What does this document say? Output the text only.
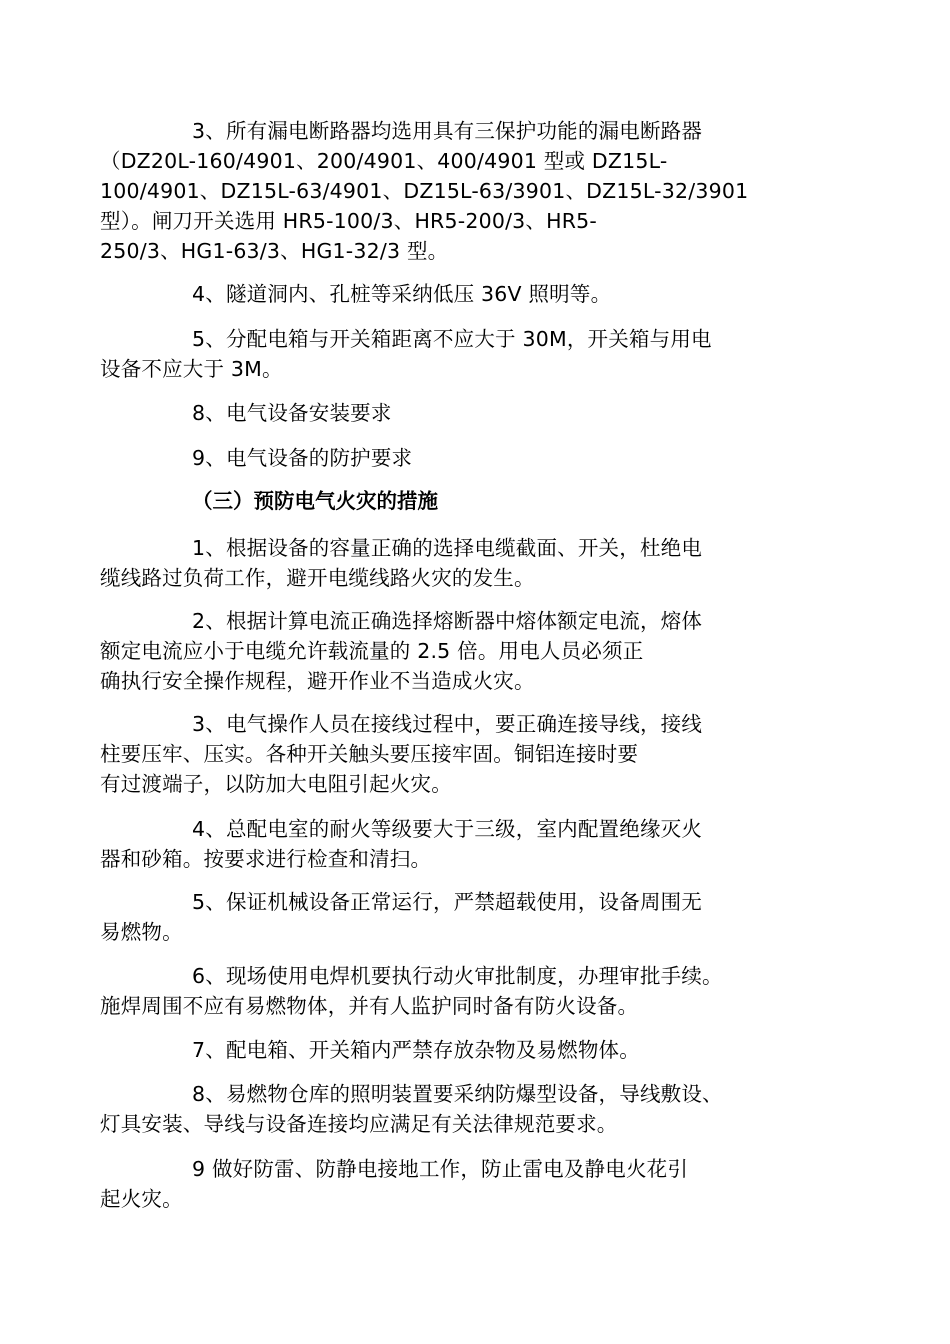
3、所有漏电断路器均选用具有三保护功能的漏电断路器
（DZ20L-160/4901、200/4901、400/4901 型或 DZ15L-
100/4901、DZ15L-63/4901、DZ15L-63/3901、DZ15L-32/3901
型）。闸刀开关选用 HR5-100/3、HR5-200/3、HR5-
250/3、HG1-63/3、HG1-32/3 型。

4、隧道洞内、孔桩等采纳低压 36V 照明等。

5、分配电箱与开关箱距离不应大于 30M，开关箱与用电
设备不应大于 3M。

8、电气设备安装要求

9、电气设备的防护要求

（三）预防电气火灾的措施

1、根据设备的容量正确的选择电缆截面、开关，杜绝电
缆线路过负荷工作，避开电缆线路火灾的发生。

2、根据计算电流正确选择熔断器中熔体额定电流，熔体
额定电流应小于电缆允许载流量的 2.5 倍。用电人员必须正
确执行安全操作规程，避开作业不当造成火灾。

3、电气操作人员在接线过程中，要正确连接导线，接线
柱要压牢、压实。各种开关触头要压接牢固。铜铝连接时要
有过渡端子，以防加大电阻引起火灾。

4、总配电室的耐火等级要大于三级，室内配置绝缘灭火
器和砂箱。按要求进行检查和清扫。

5、保证机械设备正常运行，严禁超载使用，设备周围无
易燃物。

6、现场使用电焊机要执行动火审批制度，办理审批手续。
施焊周围不应有易燃物体，并有人监护同时备有防火设备。

7、配电箱、开关箱内严禁存放杂物及易燃物体。

8、易燃物仓库的照明装置要采纳防爆型设备，导线敷设、
灯具安装、导线与设备连接均应满足有关法律规范要求。

9 做好防雷、防静电接地工作，防止雷电及静电火花引
起火灾。
